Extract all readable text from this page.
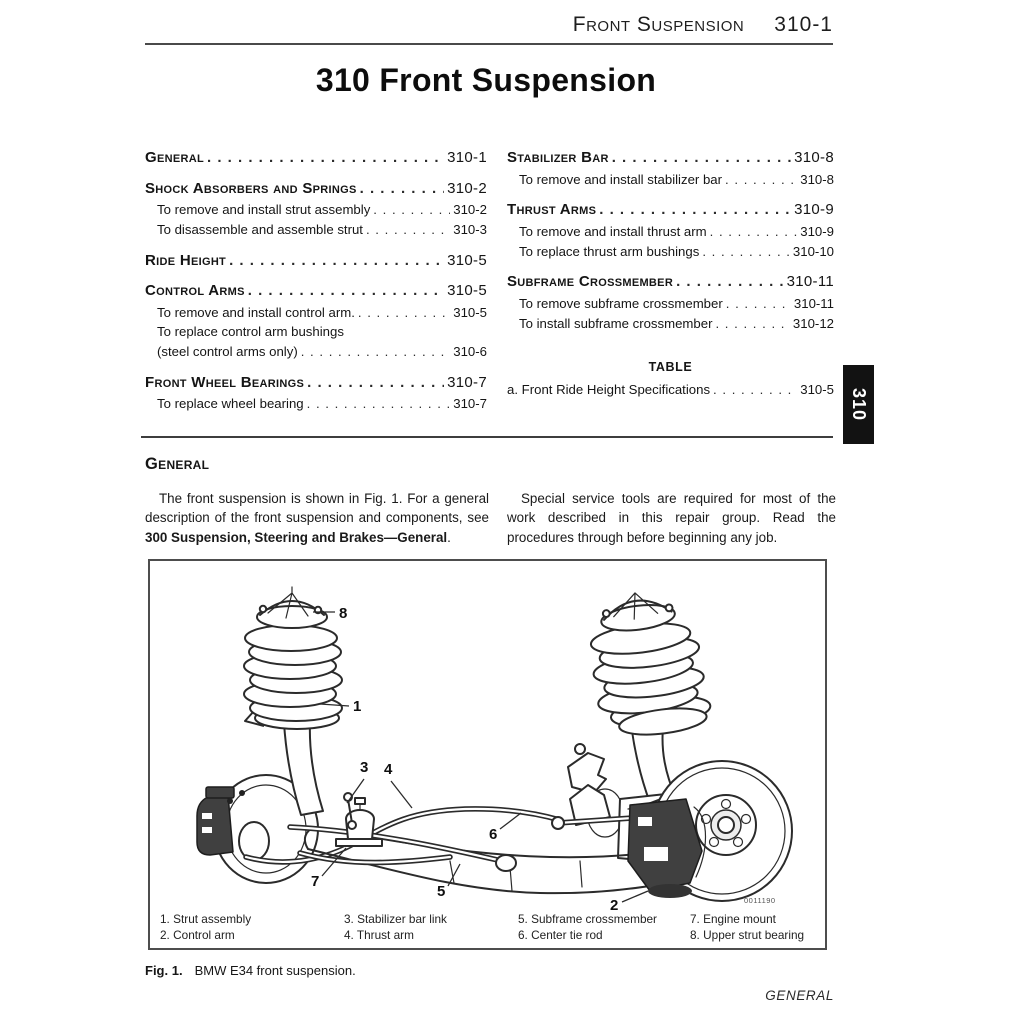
Front Suspension 310-1
310 Front Suspension
General . . .	310-1
Shock Absorbers and Springs . . .	310-2
To remove and install strut assembly . . .	310-2
To disassemble and assemble strut . . .	310-3
Ride Height . . .	310-5
Control Arms . . .	310-5
To remove and install control arm. . . .	310-5
To replace control arm bushings
(steel control arms only) . . .	310-6
Front Wheel Bearings . . .	310-7
To replace wheel bearing . . .	310-7
Stabilizer Bar . . .	310-8
To remove and install stabilizer bar . . .	310-8
Thrust Arms . . .	310-9
To remove and install thrust arm . . .	310-9
To replace thrust arm bushings . . .	310-10
Subframe Crossmember . . .	310-11
To remove subframe crossmember . . .	310-11
To install subframe crossmember . . .	310-12
TABLE
a. Front Ride Height Specifications . . .	310-5 310
General

The front suspension is shown in Fig. 1. For a general description of the front suspension and components, see 300 Suspension, Steering and Brakes—General.

Special service tools are required for most of the work described in this repair group. Read the procedures through before beginning any job.

8
1
3 4
7
5
6
2	0011190
1. Strut assembly	3. Stabilizer bar link	5. Subframe crossmember	7. Engine mount
2. Control arm	4. Thrust arm	6. Center tie rod	8. Upper strut bearing
Fig. 1. BMW E34 front suspension.
GENERAL
